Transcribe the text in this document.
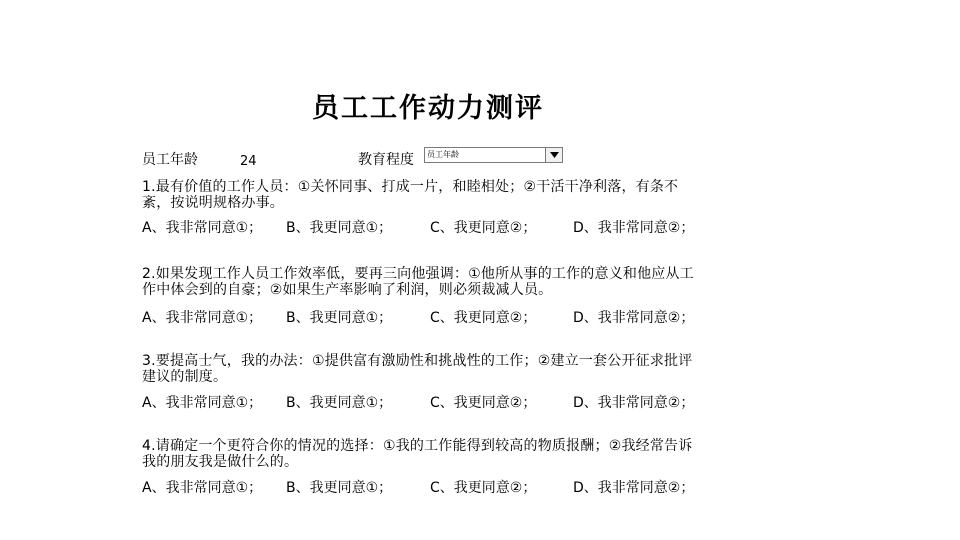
员工工作动力测评
员工年龄	24	教育程度 员工年龄
1.最有价值的工作人员：①关怀同事、打成一片，和睦相处；②干活干净利落，有条不紊，按说明规格办事。
A、我非常同意①； B、我更同意①；	C、我更同意②；	D、我非常同意②；
2.如果发现工作人员工作效率低，要再三向他强调：①他所从事的工作的意义和他应从工作中体会到的自豪；②如果生产率影响了利润，则必须裁减人员。
A、我非常同意①； B、我更同意①；	C、我更同意②；	D、我非常同意②；
3.要提高士气，我的办法：①提供富有激励性和挑战性的工作；②建立一套公开征求批评建议的制度。
A、我非常同意①； B、我更同意①；	C、我更同意②；	D、我非常同意②；
4.请确定一个更符合你的情况的选择：①我的工作能得到较高的物质报酬；②我经常告诉我的朋友我是做什么的。
A、我非常同意①； B、我更同意①；	C、我更同意②；	D、我非常同意②；
